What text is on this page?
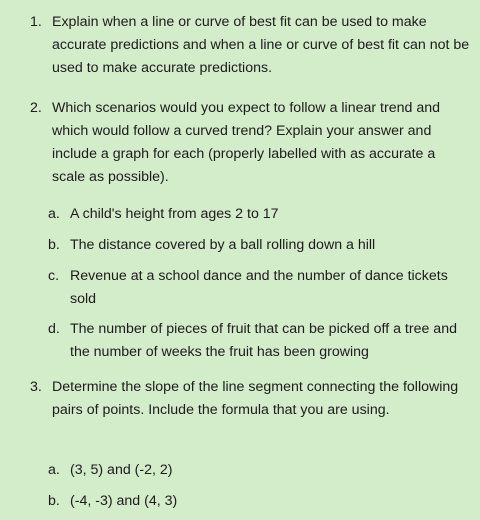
1. Explain when a line or curve of best fit can be used to make accurate predictions and when a line or curve of best fit can not be used to make accurate predictions.
2. Which scenarios would you expect to follow a linear trend and which would follow a curved trend? Explain your answer and include a graph for each (properly labelled with as accurate a scale as possible).
a. A child's height from ages 2 to 17
b. The distance covered by a ball rolling down a hill
c. Revenue at a school dance and the number of dance tickets sold
d. The number of pieces of fruit that can be picked off a tree and the number of weeks the fruit has been growing
3. Determine the slope of the line segment connecting the following pairs of points. Include the formula that you are using.
a. (3, 5) and (-2, 2)
b. (-4, -3) and (4, 3)
